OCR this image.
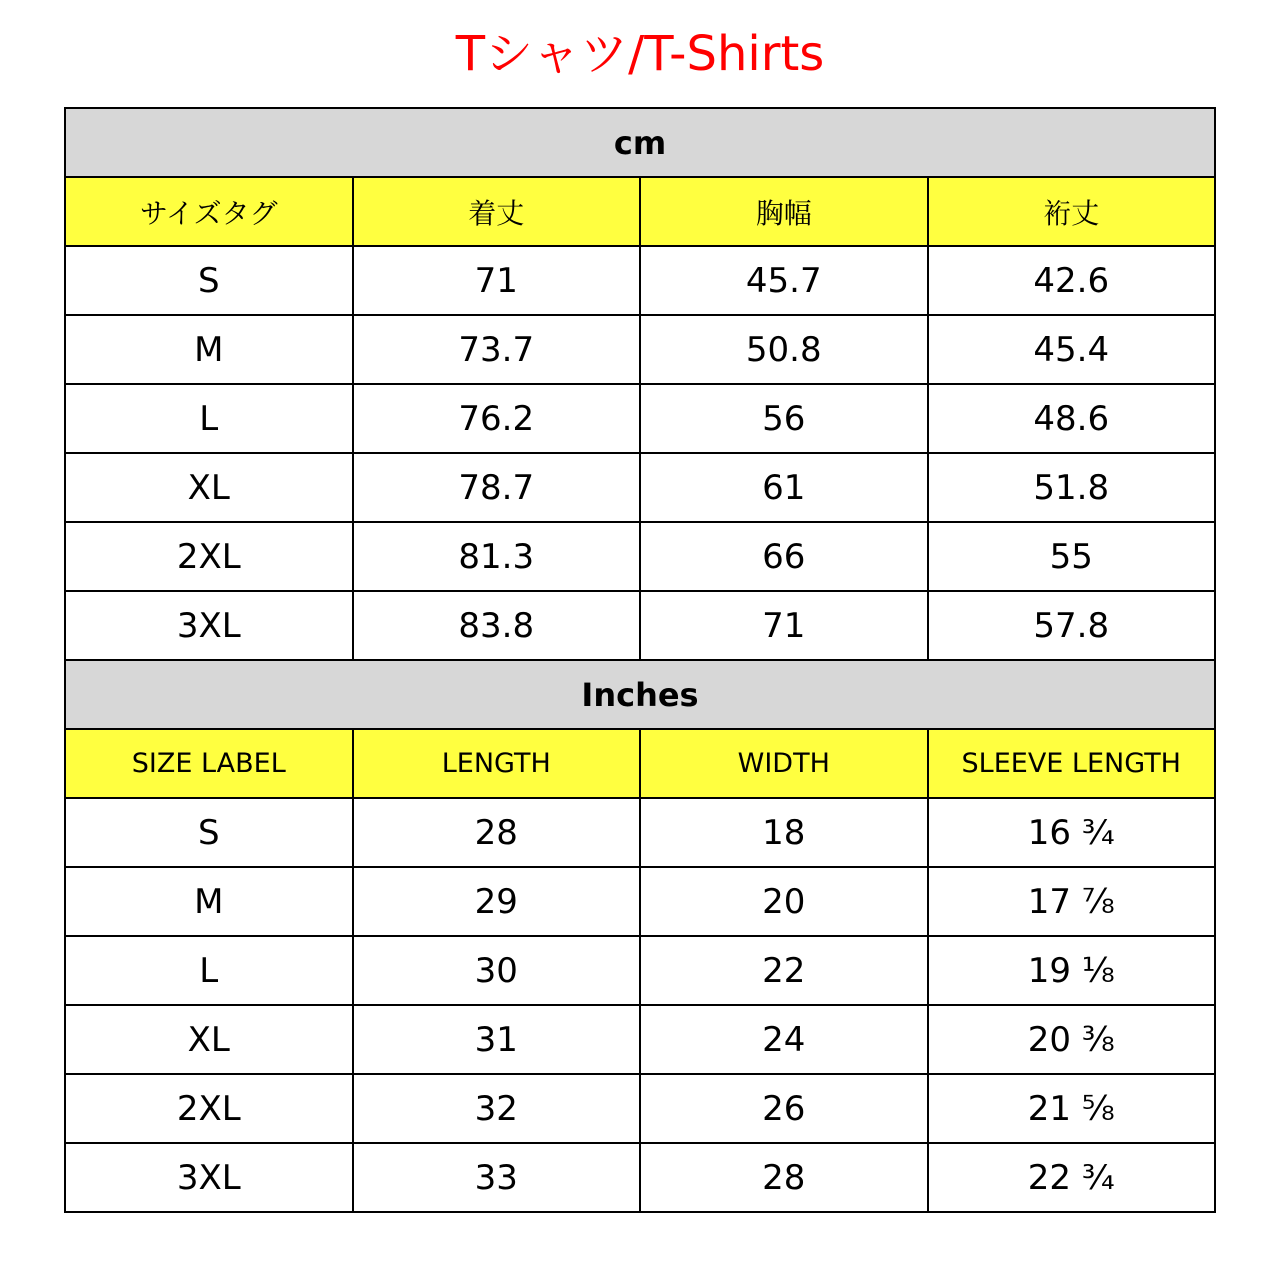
Tシャツ/T-Shirts
cm			
サイズタグ	着丈	胸幅	裄丈
S	71	45.7	42.6
M	73.7	50.8	45.4
L	76.2	56	48.6
XL	78.7	61	51.8
2XL	81.3	66	55
3XL	83.8	71	57.8
Inches			
SIZE LABEL	LENGTH	WIDTH	SLEEVE LENGTH
S	28	18	16 ¾
M	29	20	17 ⅞
L	30	22	19 ⅛
XL	31	24	20 ⅜
2XL	32	26	21 ⅝
3XL	33	28	22 ¾
